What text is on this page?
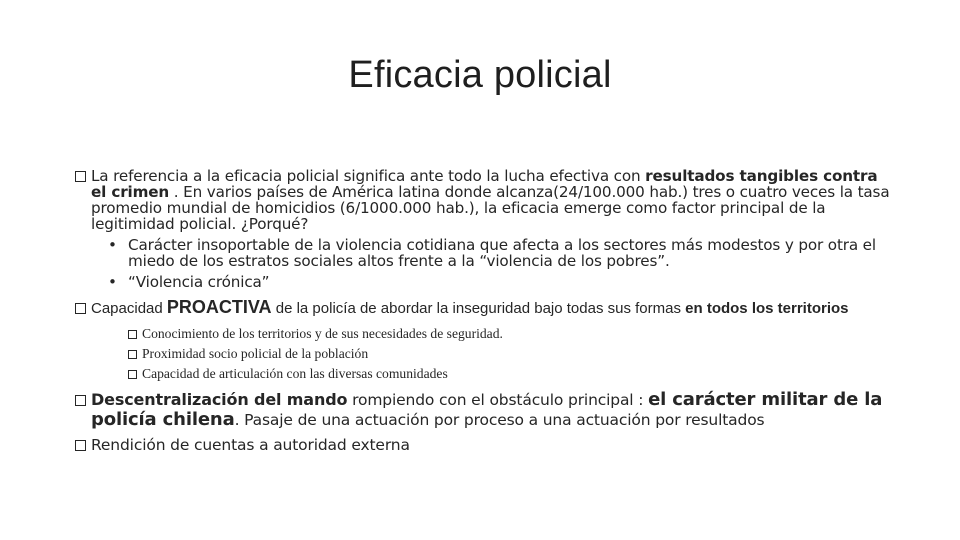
Eficacia policial
La referencia a la eficacia policial significa ante todo la lucha efectiva con resultados tangibles contra el crimen . En varios países de América latina donde alcanza(24/100.000 hab.) tres o cuatro veces la tasa promedio mundial de homicidios (6/1000.000 hab.), la eficacia emerge como factor principal de la legitimidad policial. ¿Porqué?
• Carácter insoportable de la violencia cotidiana que afecta a los sectores más modestos y por otra el miedo de los estratos sociales altos frente a la “violencia de los pobres”.
• “Violencia crónica”
Capacidad PROACTIVA de la policía de abordar la inseguridad bajo todas sus formas en todos los territorios
Conocimiento de los territorios y de sus necesidades de seguridad.
Proximidad socio policial de la población
Capacidad de articulación con las diversas comunidades
Descentralización del mando rompiendo con el obstáculo principal : el carácter militar de la policía chilena. Pasaje de una actuación por proceso a una actuación por resultados
Rendición de cuentas a autoridad externa
